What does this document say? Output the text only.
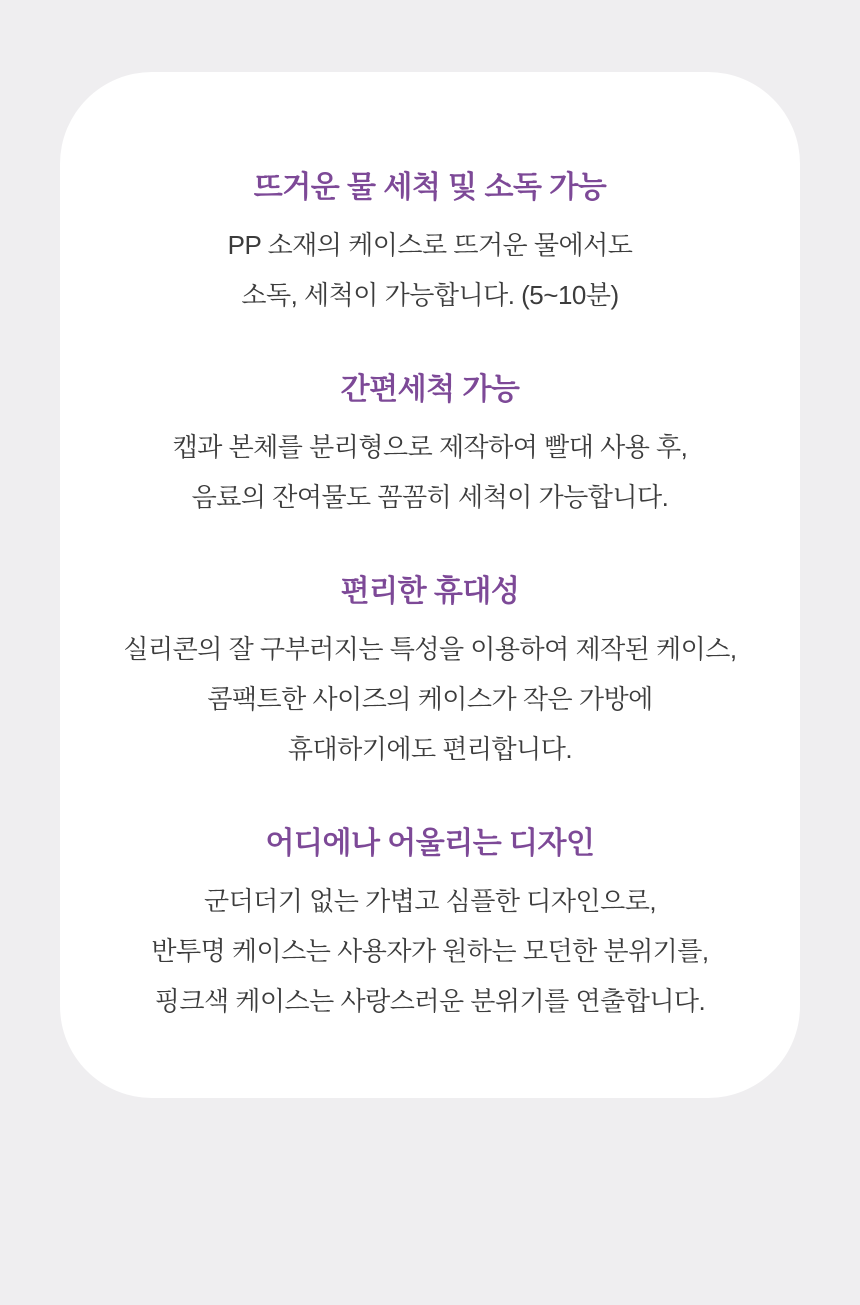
뜨거운 물 세척 및 소독 가능

PP 소재의 케이스로 뜨거운 물에서도

소독, 세척이 가능합니다. (5~10분)

간편세척 가능

캡과 본체를 분리형으로 제작하여 빨대 사용 후,

음료의 잔여물도 꼼꼼히 세척이 가능합니다.

편리한 휴대성

실리콘의 잘 구부러지는 특성을 이용하여 제작된 케이스,

콤팩트한 사이즈의 케이스가 작은 가방에

휴대하기에도 편리합니다.

어디에나 어울리는 디자인

군더더기 없는 가볍고 심플한 디자인으로,

반투명 케이스는 사용자가 원하는 모던한 분위기를,

핑크색 케이스는 사랑스러운 분위기를 연출합니다.
